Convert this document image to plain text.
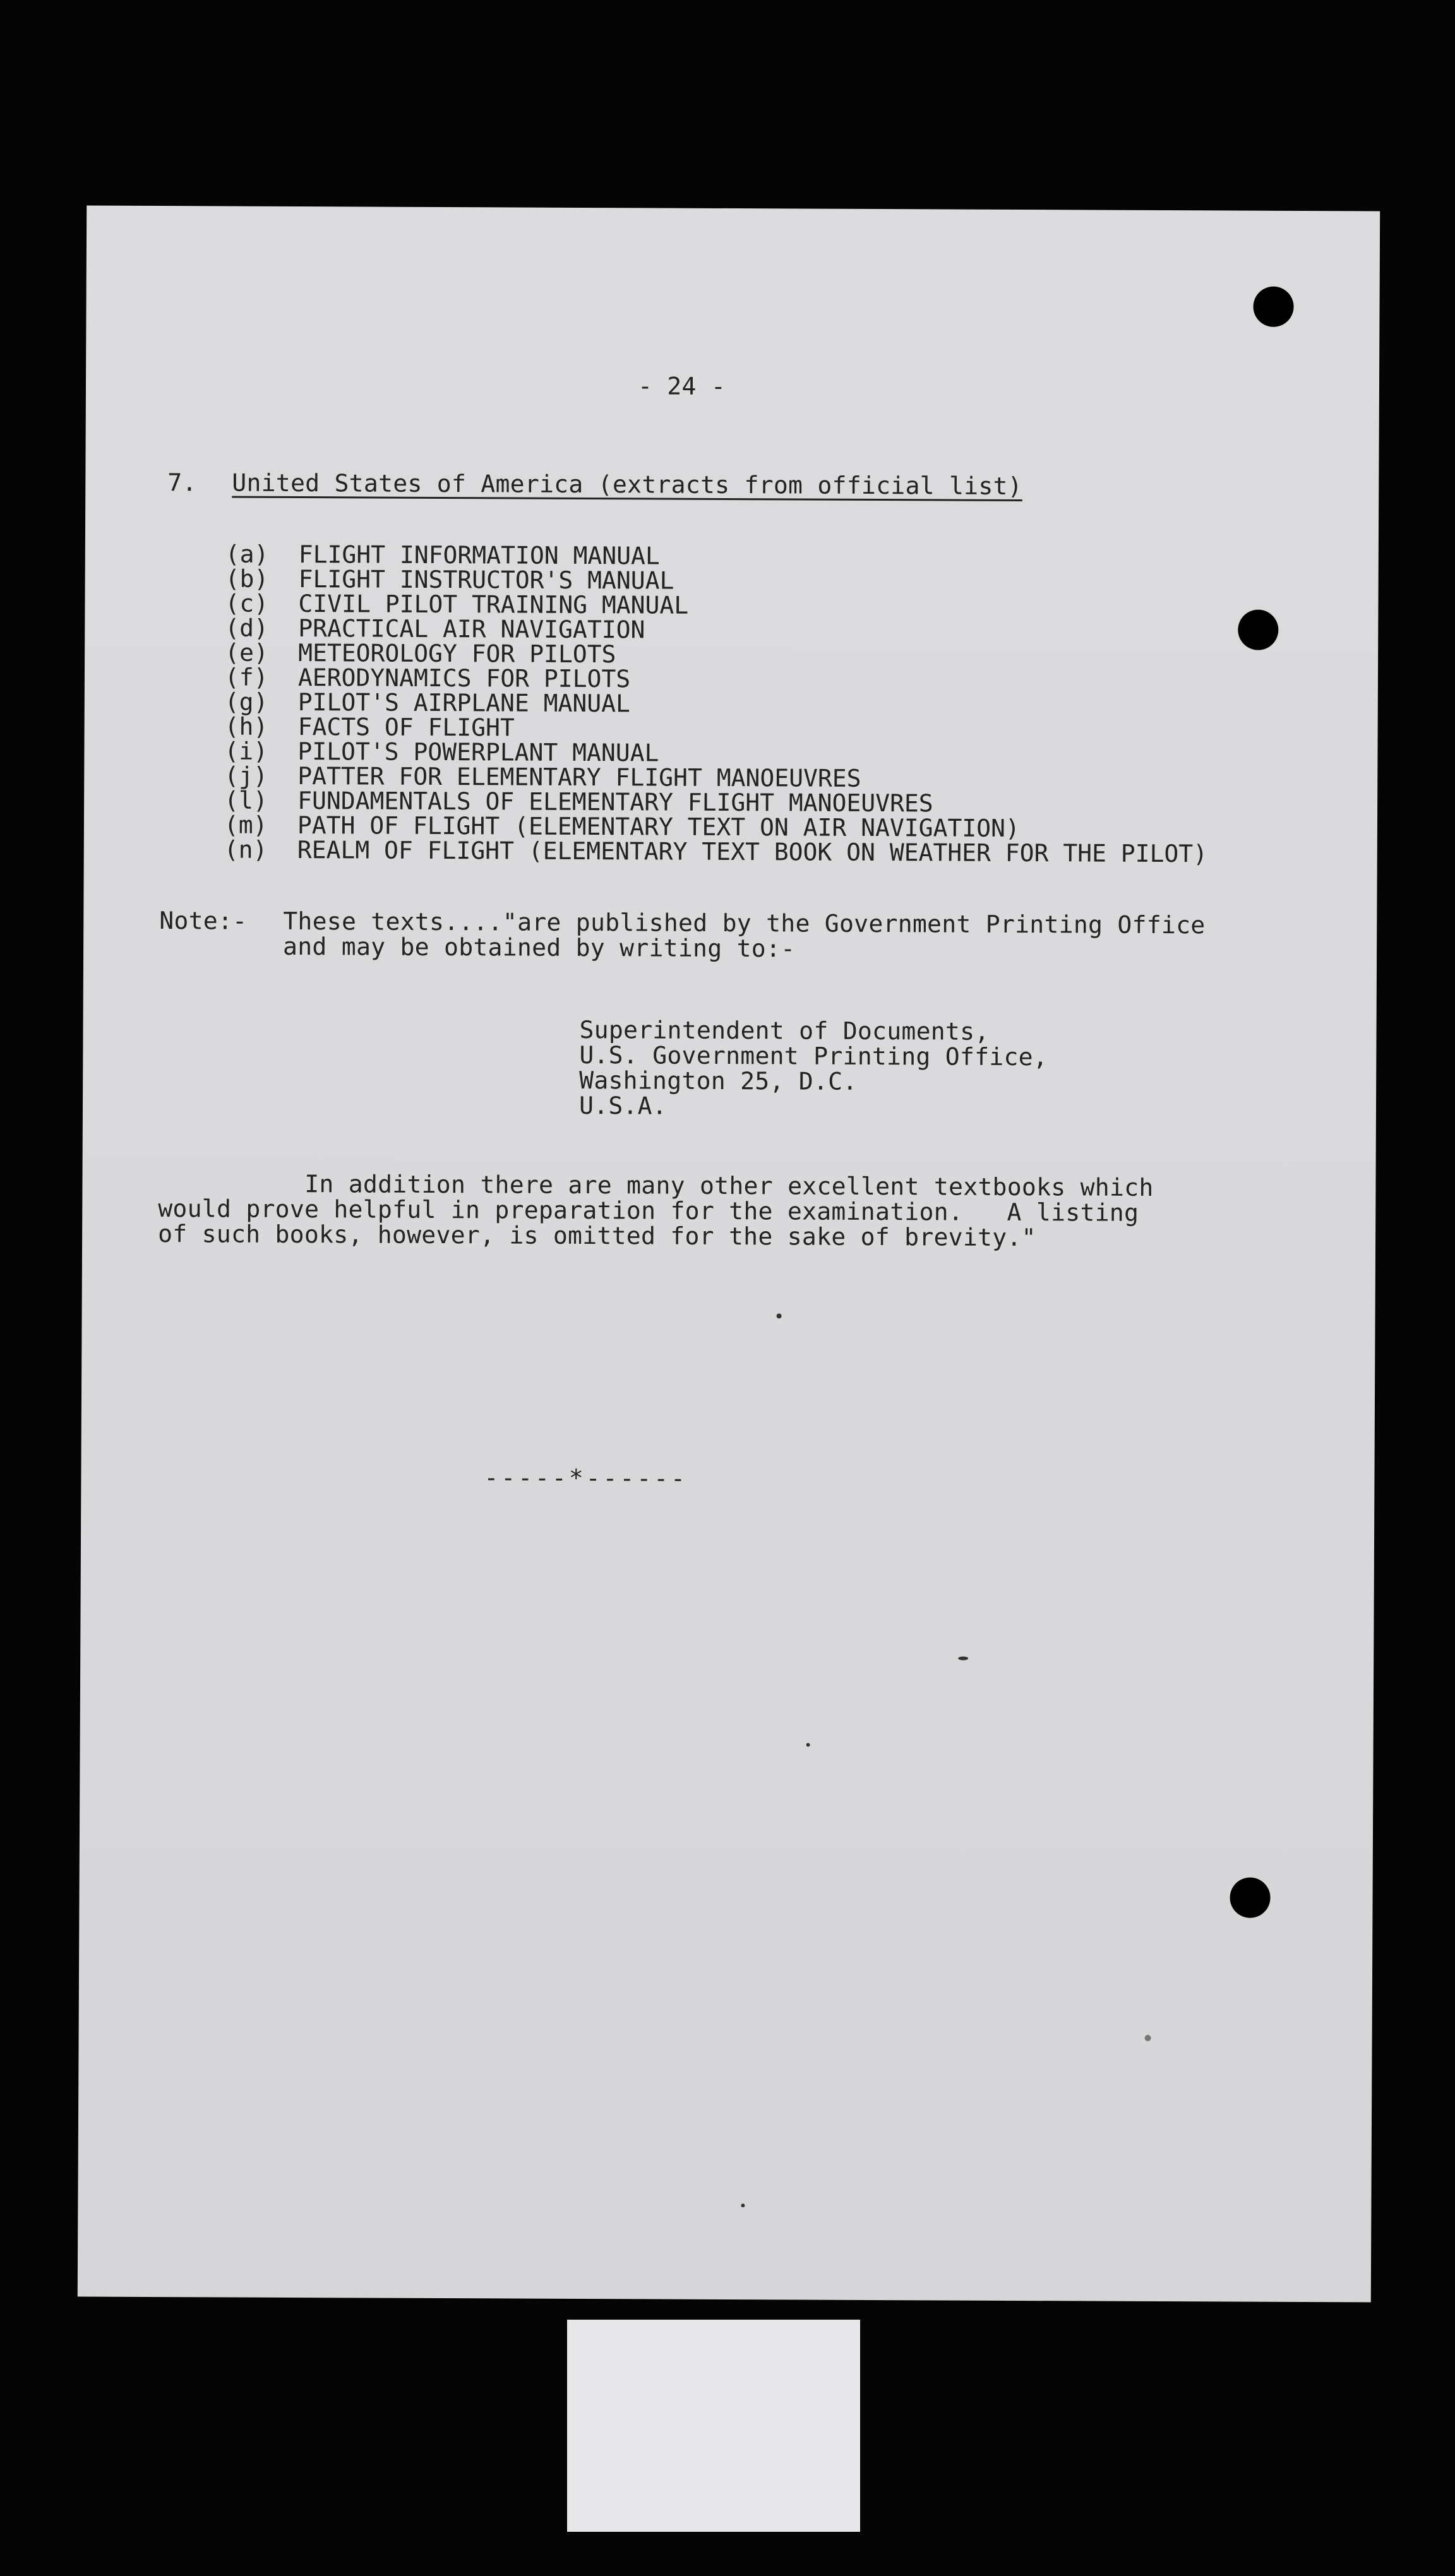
- 24 -
7. United States of America (extracts from official list)
(a)	FLIGHT INFORMATION MANUAL
(b)	FLIGHT INSTRUCTOR'S MANUAL
(c)	CIVIL PILOT TRAINING MANUAL
(d)	PRACTICAL AIR NAVIGATION
(e)	METEOROLOGY FOR PILOTS
(f)	AERODYNAMICS FOR PILOTS
(g)	PILOT'S AIRPLANE MANUAL
(h)	FACTS OF FLIGHT
(i)	PILOT'S POWERPLANT MANUAL
(j)	PATTER FOR ELEMENTARY FLIGHT MANOEUVRES
(l)	FUNDAMENTALS OF ELEMENTARY FLIGHT MANOEUVRES
(m)	PATH OF FLIGHT (ELEMENTARY TEXT ON AIR NAVIGATION)
(n)	REALM OF FLIGHT (ELEMENTARY TEXT BOOK ON WEATHER FOR THE PILOT)
Note:- These texts...."are published by the Government Printing Office
and may be obtained by writing to:-
Superintendent of Documents,
U.S. Government Printing Office,
Washington 25, D.C.
U.S.A.
In addition there are many other excellent textbooks which
would prove helpful in preparation for the examination.   A listing
of such books, however, is omitted for the sake of brevity."
-----*------
